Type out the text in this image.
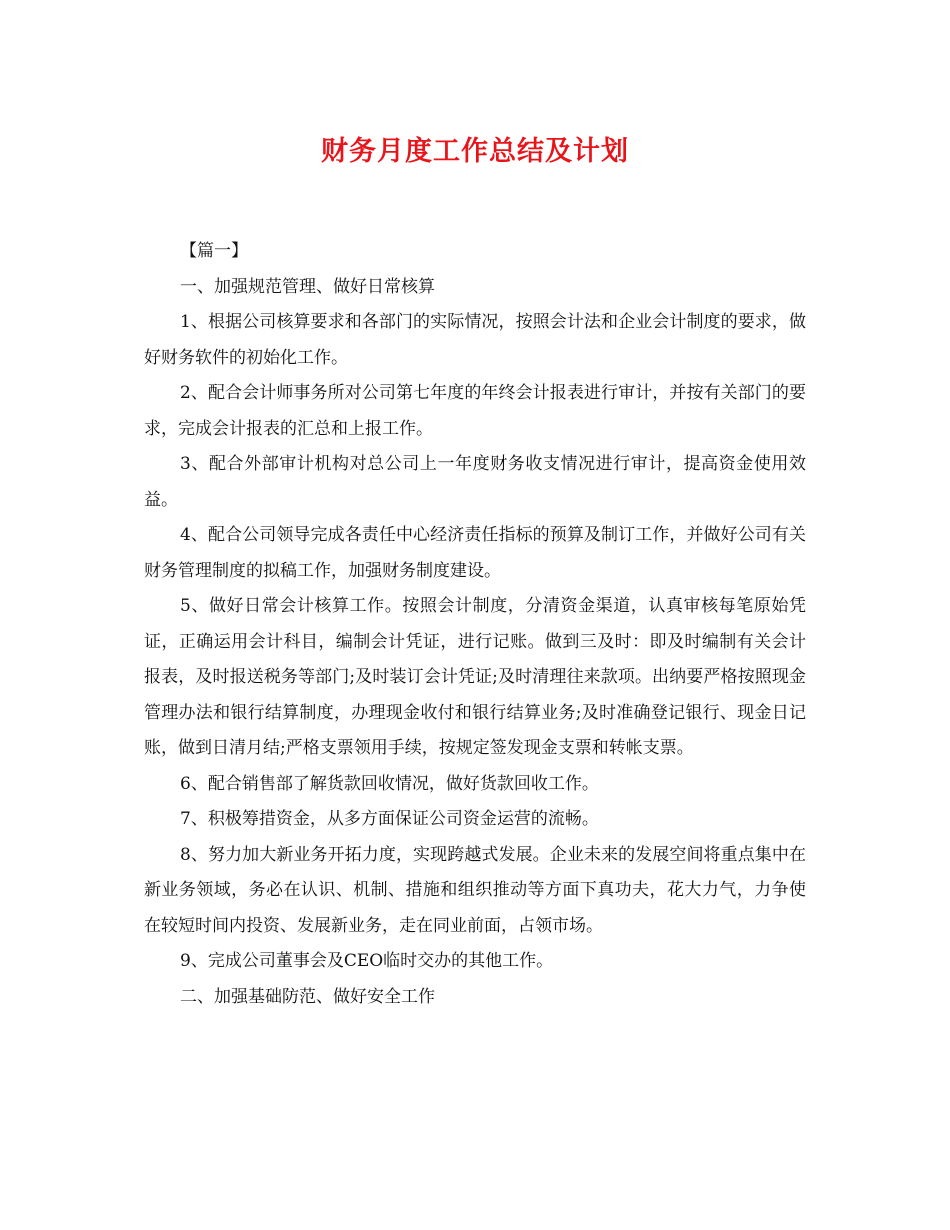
财务月度工作总结及计划

【篇一】

一、加强规范管理、做好日常核算

1、根据公司核算要求和各部门的实际情况，按照会计法和企业会计制度的要求，做好财务软件的初始化工作。

2、配合会计师事务所对公司第七年度的年终会计报表进行审计，并按有关部门的要求，完成会计报表的汇总和上报工作。

3、配合外部审计机构对总公司上一年度财务收支情况进行审计，提高资金使用效益。

4、配合公司领导完成各责任中心经济责任指标的预算及制订工作，并做好公司有关财务管理制度的拟稿工作，加强财务制度建设。

5、做好日常会计核算工作。按照会计制度，分清资金渠道，认真审核每笔原始凭证，正确运用会计科目，编制会计凭证，进行记账。做到三及时：即及时编制有关会计报表，及时报送税务等部门;及时装订会计凭证;及时清理往来款项。出纳要严格按照现金管理办法和银行结算制度，办理现金收付和银行结算业务;及时准确登记银行、现金日记账，做到日清月结;严格支票领用手续，按规定签发现金支票和转帐支票。

6、配合销售部了解货款回收情况，做好货款回收工作。

7、积极筹措资金，从多方面保证公司资金运营的流畅。

8、努力加大新业务开拓力度，实现跨越式发展。企业未来的发展空间将重点集中在新业务领域，务必在认识、机制、措施和组织推动等方面下真功夫，花大力气，力争使在较短时间内投资、发展新业务，走在同业前面，占领市场。

9、完成公司董事会及CEO临时交办的其他工作。

二、加强基础防范、做好安全工作
